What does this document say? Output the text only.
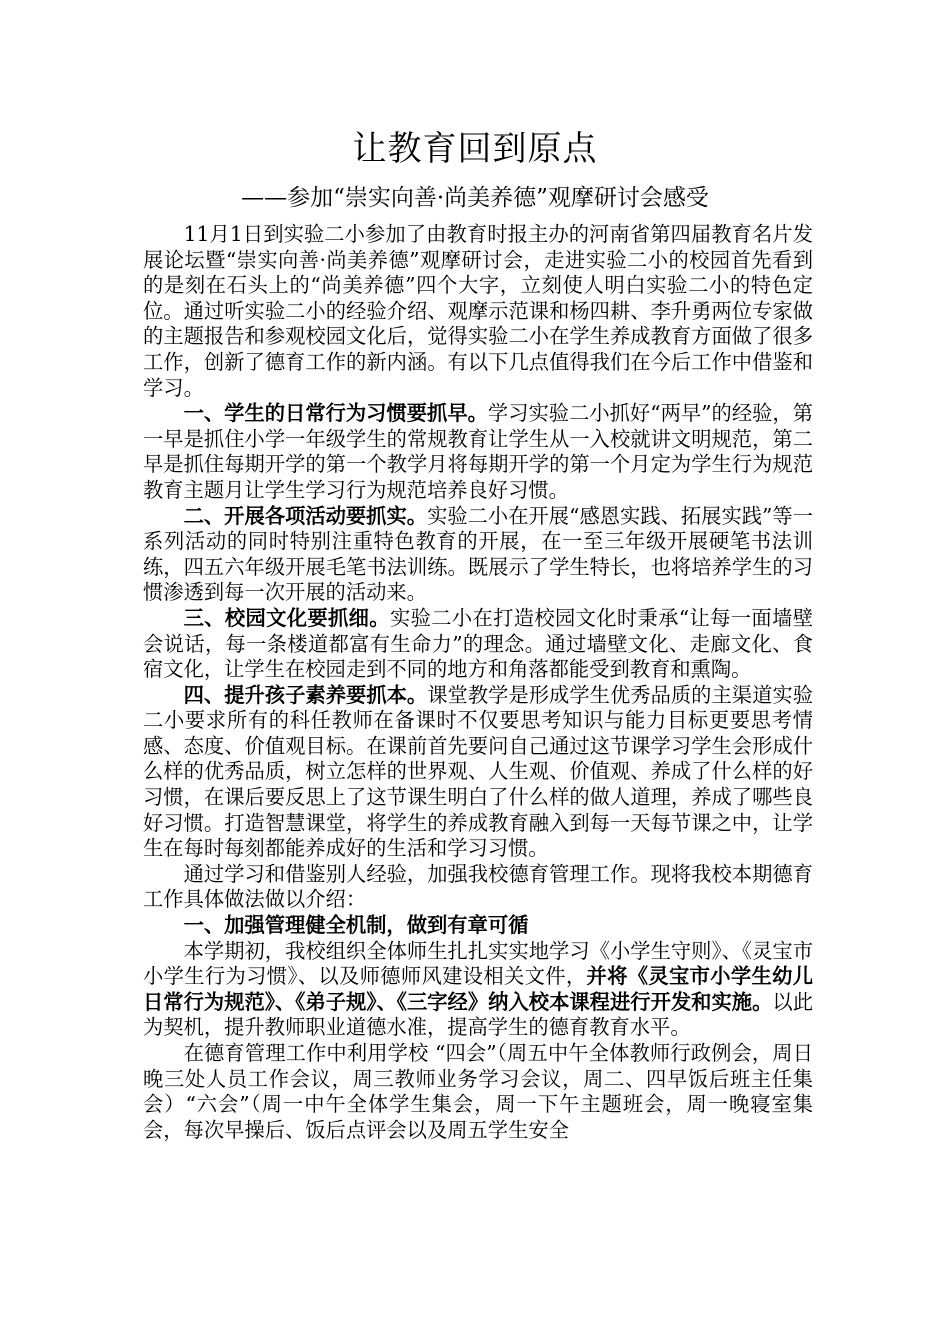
让教育回到原点
——参加“崇实向善·尚美养德”观摩研讨会感受

11月1日到实验二小参加了由教育时报主办的河南省第四届教育名片发展论坛暨“崇实向善·尚美养德”观摩研讨会，走进实验二小的校园首先看到的是刻在石头上的“尚美养德”四个大字，立刻使人明白实验二小的特色定位。通过听实验二小的经验介绍、观摩示范课和杨四耕、李升勇两位专家做的主题报告和参观校园文化后，觉得实验二小在学生养成教育方面做了很多工作，创新了德育工作的新内涵。有以下几点值得我们在今后工作中借鉴和学习。

一、学生的日常行为习惯要抓早。学习实验二小抓好“两早”的经验，第一早是抓住小学一年级学生的常规教育让学生从一入校就讲文明规范，第二早是抓住每期开学的第一个教学月将每期开学的第一个月定为学生行为规范教育主题月让学生学习行为规范培养良好习惯。

二、开展各项活动要抓实。实验二小在开展“感恩实践、拓展实践”等一系列活动的同时特别注重特色教育的开展，在一至三年级开展硬笔书法训练，四五六年级开展毛笔书法训练。既展示了学生特长，也将培养学生的习惯渗透到每一次开展的活动来。

三、校园文化要抓细。实验二小在打造校园文化时秉承“让每一面墙壁会说话，每一条楼道都富有生命力”的理念。通过墙壁文化、走廊文化、食宿文化，让学生在校园走到不同的地方和角落都能受到教育和熏陶。

四、提升孩子素养要抓本。课堂教学是形成学生优秀品质的主渠道实验二小要求所有的科任教师在备课时不仅要思考知识与能力目标更要思考情感、态度、价值观目标。在课前首先要问自己通过这节课学习学生会形成什么样的优秀品质，树立怎样的世界观、人生观、价值观、养成了什么样的好习惯，在课后要反思上了这节课生明白了什么样的做人道理，养成了哪些良好习惯。打造智慧课堂，将学生的养成教育融入到每一天每节课之中，让学生在每时每刻都能养成好的生活和学习习惯。

通过学习和借鉴别人经验，加强我校德育管理工作。现将我校本期德育工作具体做法做以介绍：

一、加强管理健全机制，做到有章可循

本学期初，我校组织全体师生扎扎实实地学习《小学生守则》、《灵宝市小学生行为习惯》、以及师德师风建设相关文件，并将《灵宝市小学生幼儿日常行为规范》、《弟子规》、《三字经》纳入校本课程进行开发和实施。以此为契机，提升教师职业道德水准，提高学生的德育教育水平。

在德育管理工作中利用学校 “四会”（周五中午全体教师行政例会，周日晚三处人员工作会议，周三教师业务学习会议，周二、四早饭后班主任集会）“六会”（周一中午全体学生集会，周一下午主题班会，周一晚寝室集会，每次早操后、饭后点评会以及周五学生安全
